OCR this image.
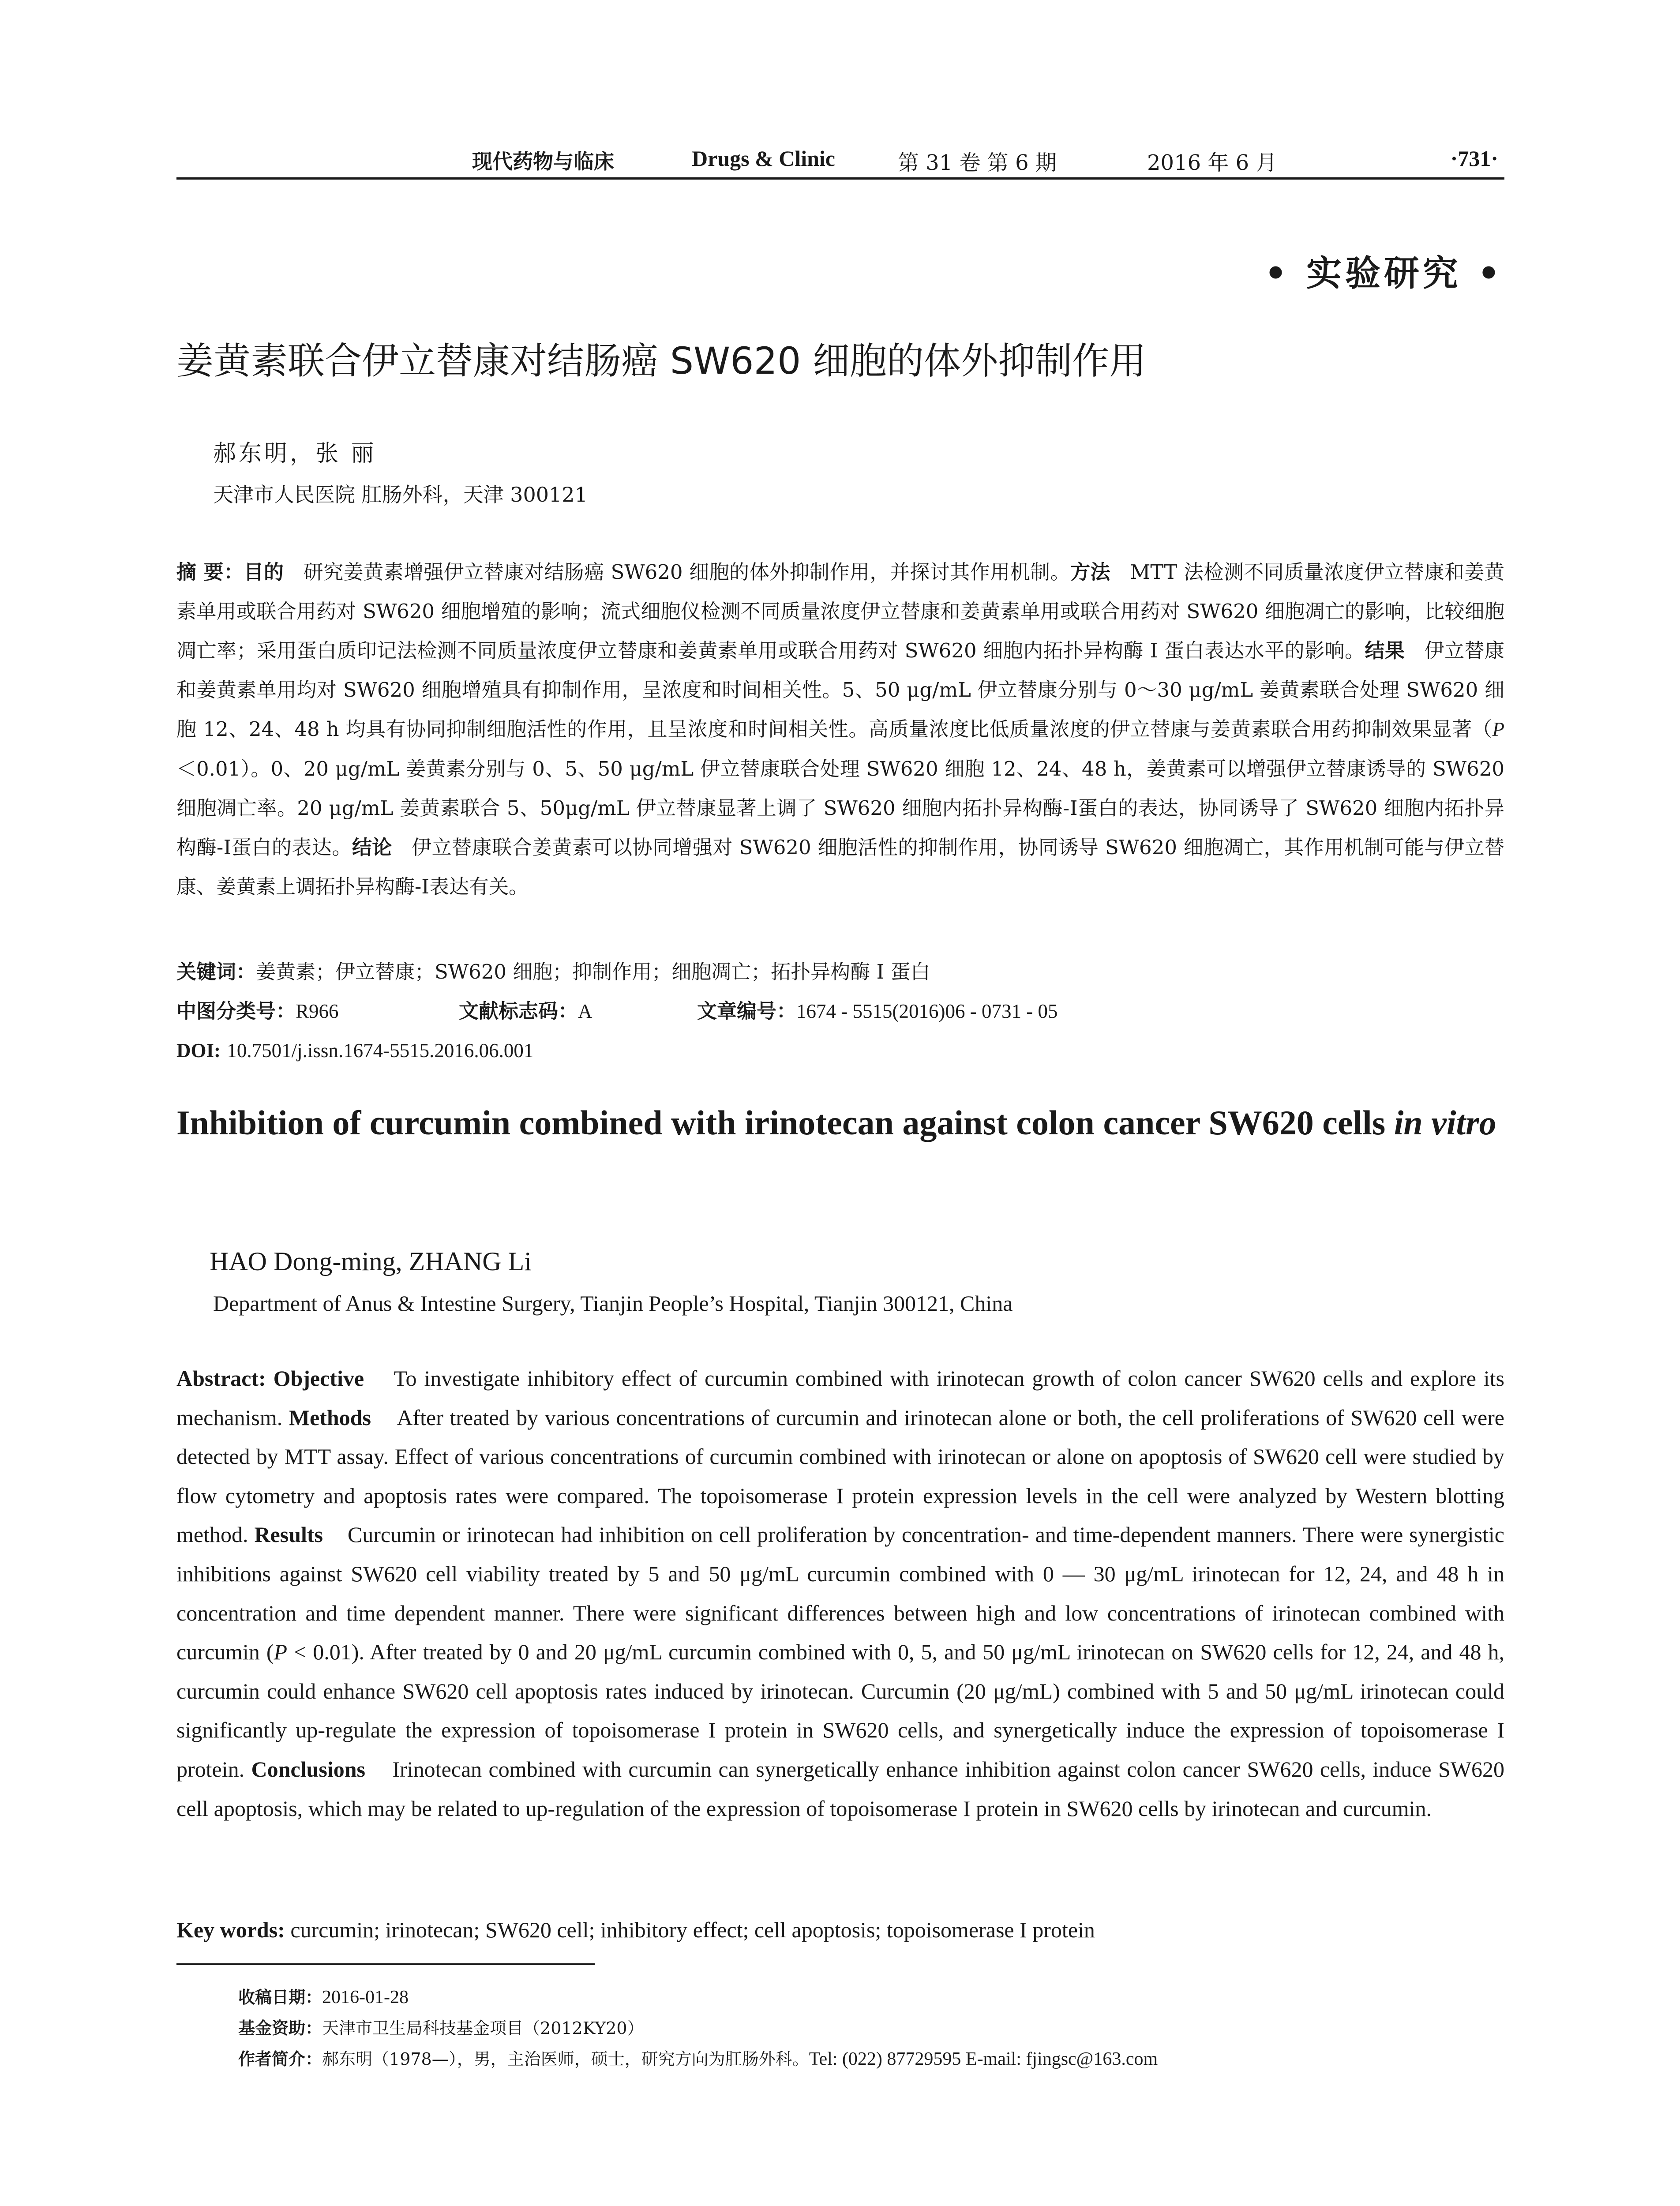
现代药物与临床	Drugs & Clinic	第 31 卷 第 6 期	2016 年 6 月	·731·
• 实验研究 •
姜黄素联合伊立替康对结肠癌 SW620 细胞的体外抑制作用
郝东明，张 丽
天津市人民医院 肛肠外科，天津 300121
摘 要：目的 研究姜黄素增强伊立替康对结肠癌 SW620 细胞的体外抑制作用，并探讨其作用机制。方法 MTT 法检测不同质量浓度伊立替康和姜黄素单用或联合用药对 SW620 细胞增殖的影响；流式细胞仪检测不同质量浓度伊立替康和姜黄素单用或联合用药对 SW620 细胞凋亡的影响，比较细胞凋亡率；采用蛋白质印记法检测不同质量浓度伊立替康和姜黄素单用或联合用药对 SW620 细胞内拓扑异构酶 I 蛋白表达水平的影响。结果 伊立替康和姜黄素单用均对 SW620 细胞增殖具有抑制作用，呈浓度和时间相关性。5、50 μg/mL 伊立替康分别与 0～30 μg/mL 姜黄素联合处理 SW620 细胞 12、24、48 h 均具有协同抑制细胞活性的作用，且呈浓度和时间相关性。高质量浓度比低质量浓度的伊立替康与姜黄素联合用药抑制效果显著（P＜0.01）。0、20 μg/mL 姜黄素分别与 0、5、50 μg/mL 伊立替康联合处理 SW620 细胞 12、24、48 h，姜黄素可以增强伊立替康诱导的 SW620 细胞凋亡率。20 μg/mL 姜黄素联合 5、50μg/mL 伊立替康显著上调了 SW620 细胞内拓扑异构酶-Ⅰ蛋白的表达，协同诱导了 SW620 细胞内拓扑异构酶-Ⅰ蛋白的表达。结论 伊立替康联合姜黄素可以协同增强对 SW620 细胞活性的抑制作用，协同诱导 SW620 细胞凋亡，其作用机制可能与伊立替康、姜黄素上调拓扑异构酶-Ⅰ表达有关。
关键词：姜黄素；伊立替康；SW620 细胞；抑制作用；细胞凋亡；拓扑异构酶 I 蛋白
中图分类号：R966	文献标志码：A	文章编号：1674 - 5515(2016)06 - 0731 - 05
DOI: 10.7501/j.issn.1674-5515.2016.06.001
Inhibition of curcumin combined with irinotecan against colon cancer SW620 cells in vitro
HAO Dong-ming, ZHANG Li
Department of Anus & Intestine Surgery, Tianjin People’s Hospital, Tianjin 300121, China
Abstract: Objective To investigate inhibitory effect of curcumin combined with irinotecan growth of colon cancer SW620 cells and explore its mechanism. Methods After treated by various concentrations of curcumin and irinotecan alone or both, the cell proliferations of SW620 cell were detected by MTT assay. Effect of various concentrations of curcumin combined with irinotecan or alone on apoptosis of SW620 cell were studied by flow cytometry and apoptosis rates were compared. The topoisomerase I protein expression levels in the cell were analyzed by Western blotting method. Results Curcumin or irinotecan had inhibition on cell proliferation by concentration- and time-dependent manners. There were synergistic inhibitions against SW620 cell viability treated by 5 and 50 μg/mL curcumin combined with 0 — 30 μg/mL irinotecan for 12, 24, and 48 h in concentration and time dependent manner. There were significant differences between high and low concentrations of irinotecan combined with curcumin (P < 0.01). After treated by 0 and 20 μg/mL curcumin combined with 0, 5, and 50 μg/mL irinotecan on SW620 cells for 12, 24, and 48 h, curcumin could enhance SW620 cell apoptosis rates induced by irinotecan. Curcumin (20 μg/mL) combined with 5 and 50 μg/mL irinotecan could significantly up-regulate the expression of topoisomerase I protein in SW620 cells, and synergetically induce the expression of topoisomerase I protein. Conclusions Irinotecan combined with curcumin can synergetically enhance inhibition against colon cancer SW620 cells, induce SW620 cell apoptosis, which may be related to up-regulation of the expression of topoisomerase I protein in SW620 cells by irinotecan and curcumin.
Key words: curcumin; irinotecan; SW620 cell; inhibitory effect; cell apoptosis; topoisomerase I protein
收稿日期：2016-01-28
基金资助：天津市卫生局科技基金项目（2012KY20）
作者简介：郝东明（1978—），男，主治医师，硕士，研究方向为肛肠外科。Tel: (022) 87729595 E-mail: fjingsc@163.com
